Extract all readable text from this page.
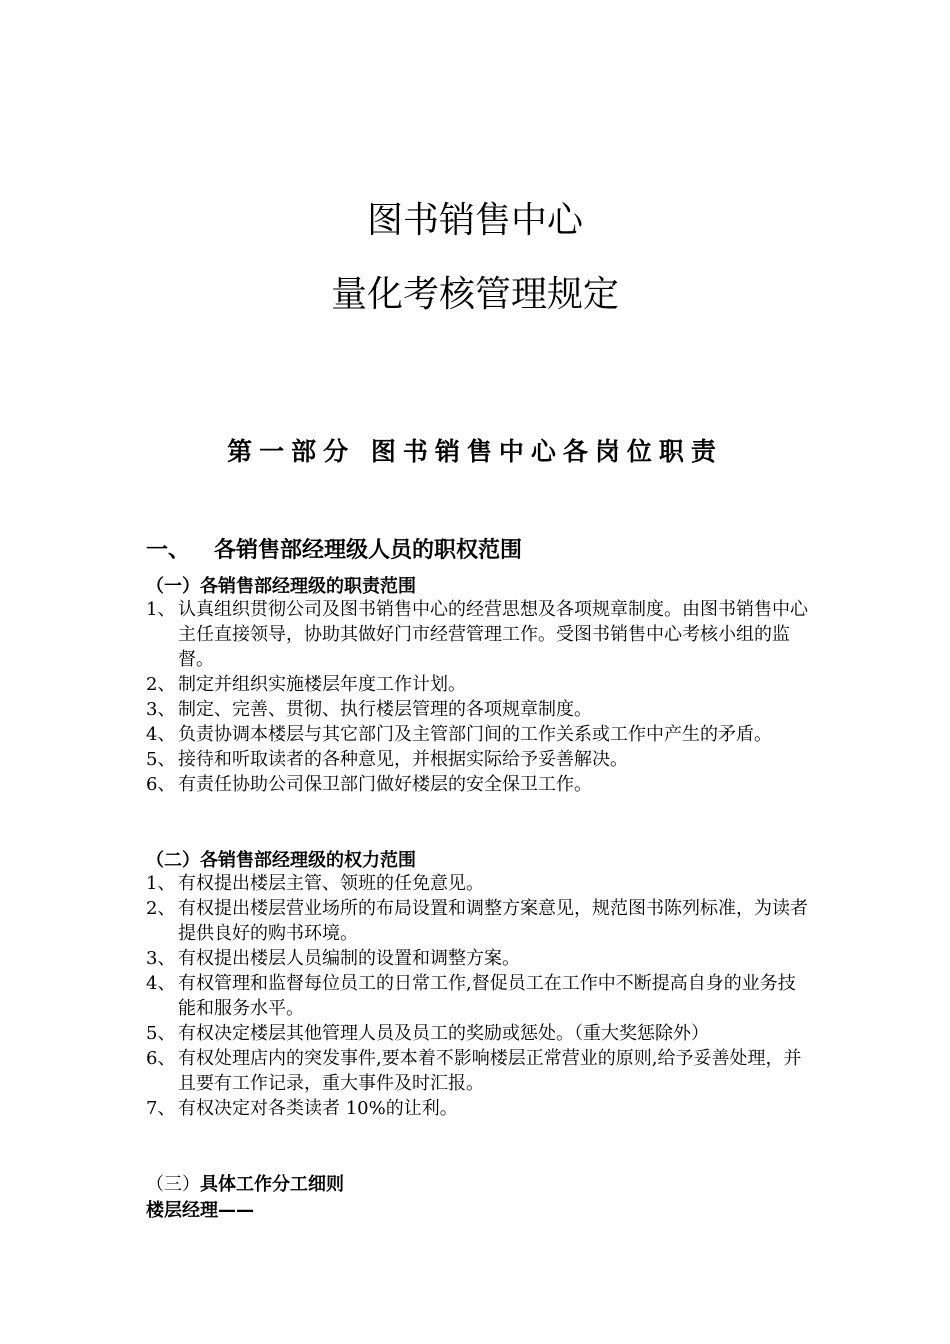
图书销售中心
量化考核管理规定
第一部分 图书销售中心各岗位职责
一、 各销售部经理级人员的职权范围
（一）各销售部经理级的职责范围
1、 认真组织贯彻公司及图书销售中心的经营思想及各项规章制度。由图书销售中心主任直接领导，协助其做好门市经营管理工作。受图书销售中心考核小组的监督。
2、 制定并组织实施楼层年度工作计划。
3、 制定、完善、贯彻、执行楼层管理的各项规章制度。
4、 负责协调本楼层与其它部门及主管部门间的工作关系或工作中产生的矛盾。
5、 接待和听取读者的各种意见，并根据实际给予妥善解决。
6、 有责任协助公司保卫部门做好楼层的安全保卫工作。
（二）各销售部经理级的权力范围
1、 有权提出楼层主管、领班的任免意见。
2、 有权提出楼层营业场所的布局设置和调整方案意见，规范图书陈列标准，为读者提供良好的购书环境。
3、 有权提出楼层人员编制的设置和调整方案。
4、 有权管理和监督每位员工的日常工作,督促员工在工作中不断提高自身的业务技能和服务水平。
5、 有权决定楼层其他管理人员及员工的奖励或惩处。（重大奖惩除外）
6、 有权处理店内的突发事件,要本着不影响楼层正常营业的原则,给予妥善处理，并且要有工作记录，重大事件及时汇报。
7、 有权决定对各类读者 10%的让利。
（三）具体工作分工细则
楼层经理——
